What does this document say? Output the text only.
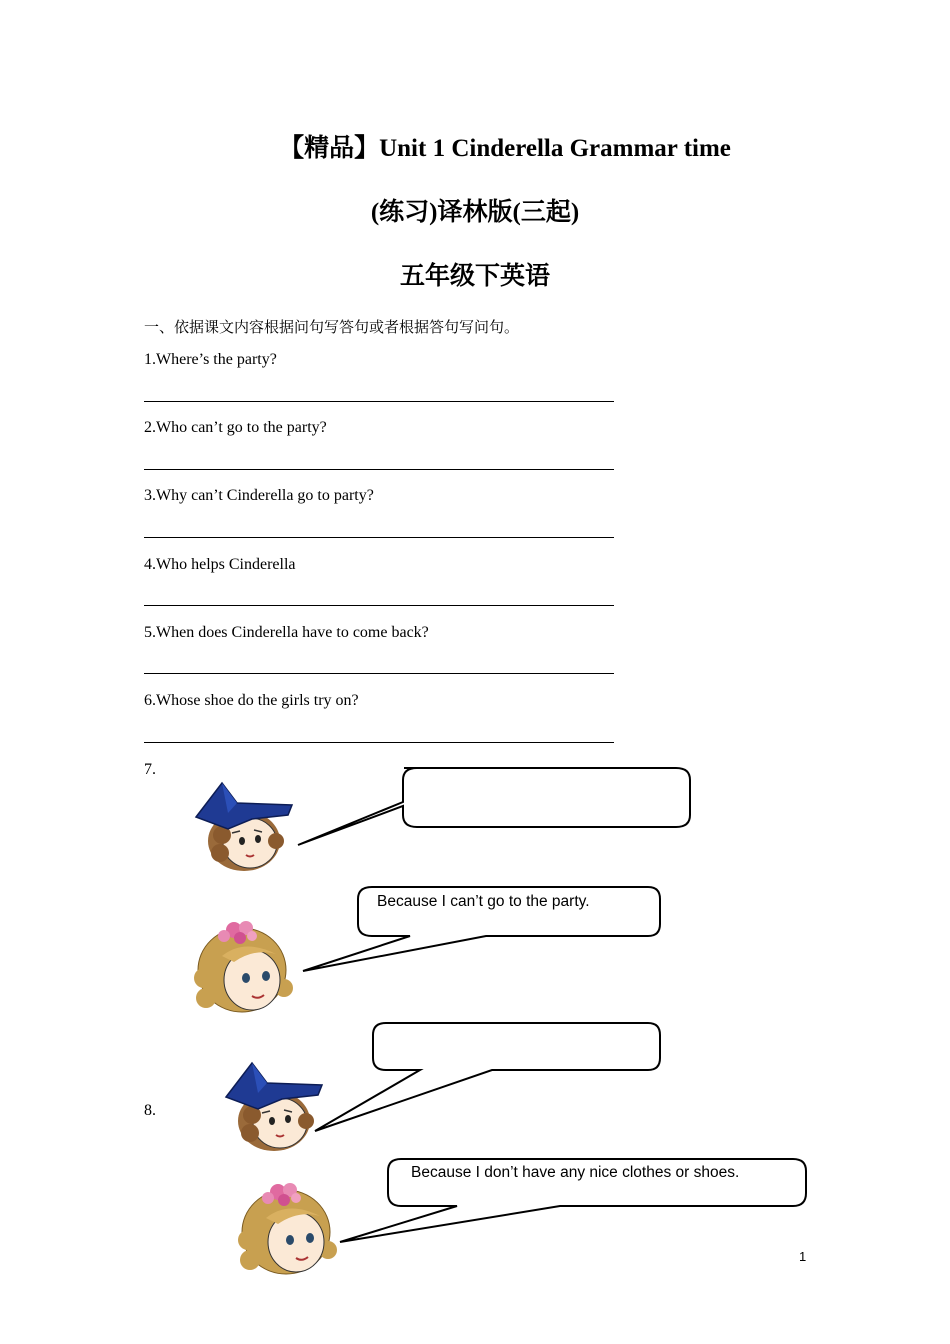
【精品】Unit 1 Cinderella Grammar time
(练习)译林版(三起)
五年级下英语
一、依据课文内容根据问句写答句或者根据答句写问句。
1.Where’s the party?
2.Who can’t go to the party?
3.Why can’t Cinderella go to party?
4.Who helps Cinderella
5.When does Cinderella have to come back?
6.Whose shoe do the girls try on?
7.
8.
Because I can’t go to the party.
Because I don’t have any nice clothes or shoes.
1
